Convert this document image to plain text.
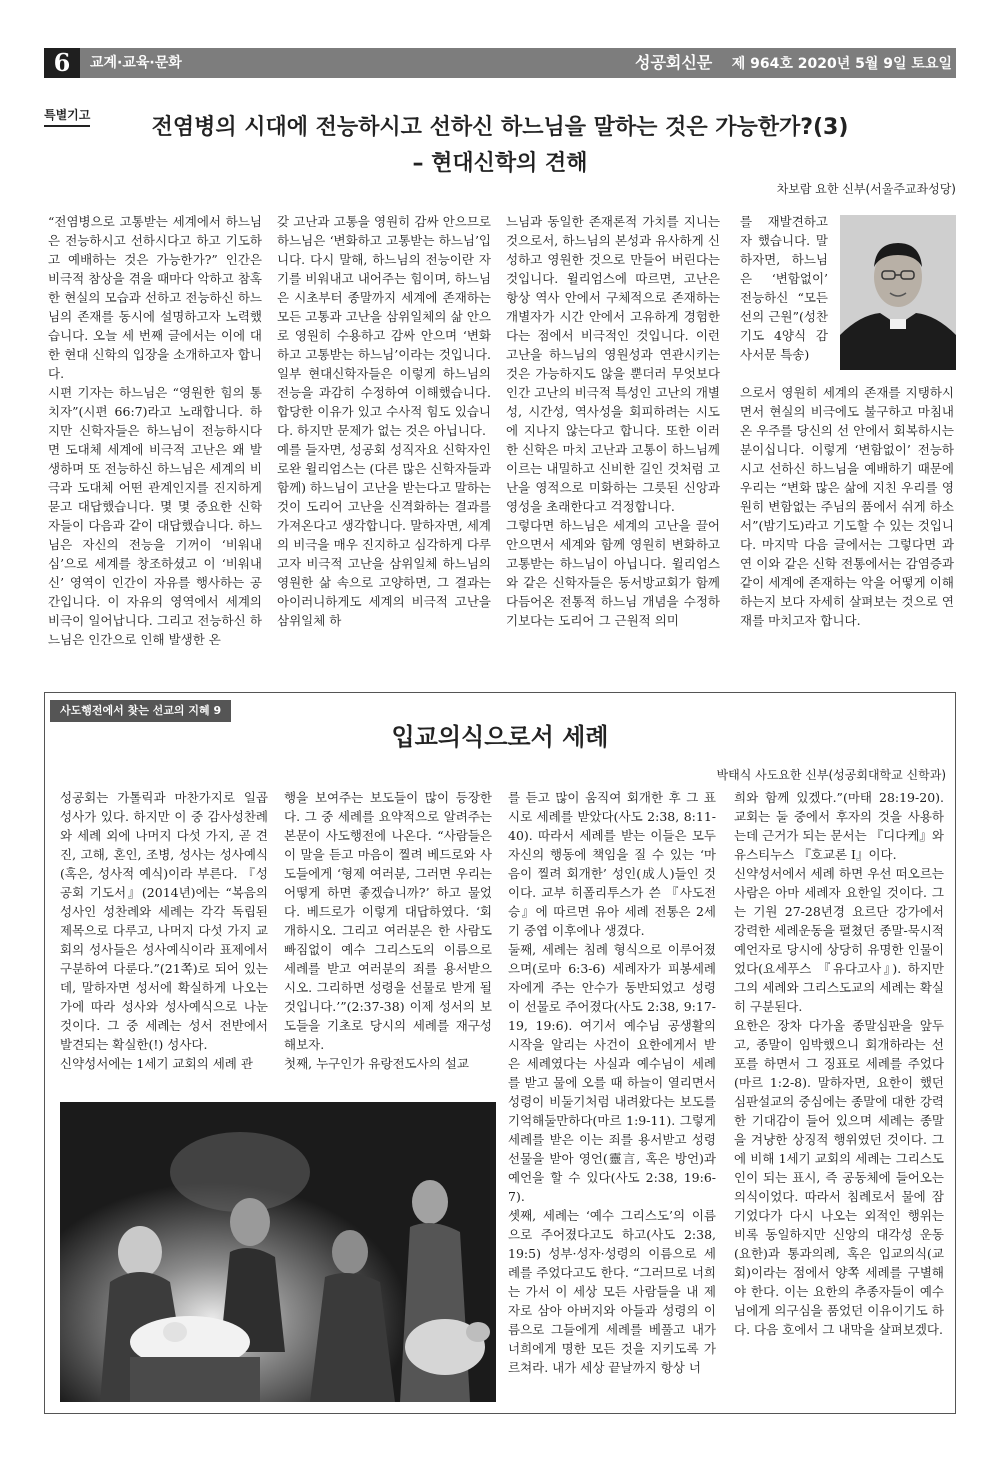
6	교계·교육·문화	성공회신문 제 964호 2020년 5월 9일 토요일
특별기고	전염병의 시대에 전능하시고 선하신 하느님을 말하는 것은 가능한가?(3)
– 현대신학의 견해
차보람 요한 신부(서울주교좌성당)
“전염병으로 고통받는 세계에서 하느님은 전능하시고 선하시다고 하고 기도하고 예배하는 것은 가능한가?” 인간은 비극적 참상을 겪을 때마다 악하고 참혹한 현실의 모습과 선하고 전능하신 하느님의 존재를 동시에 설명하고자 노력했습니다. 오늘 세 번째 글에서는 이에 대한 현대 신학의 입장을 소개하고자 합니다.
시편 기자는 하느님은 “영원한 힘의 통치자”(시편 66:7)라고 노래합니다. 하지만 신학자들은 하느님이 전능하시다면 도대체 세계에 비극적 고난은 왜 발생하며 또 전능하신 하느님은 세계의 비극과 도대체 어떤 관계인지를 진지하게 묻고 대답했습니다. 몇 몇 중요한 신학자들이 다음과 같이 대답했습니다. 하느님은 자신의 전능을 기꺼이 ‘비워내심’으로 세계를 창조하셨고 이 ‘비워내신’ 영역이 인간이 자유를 행사하는 공간입니다. 이 자유의 영역에서 세계의 비극이 일어납니다. 그리고 전능하신 하느님은 인간으로 인해 발생한 온
갖 고난과 고통을 영원히 감싸 안으므로 하느님은 ‘변화하고 고통받는 하느님’입니다. 다시 말해, 하느님의 전능이란 자기를 비워내고 내어주는 힘이며, 하느님은 시초부터 종말까지 세계에 존재하는 모든 고통과 고난을 삼위일체의 삶 안으로 영원히 수용하고 감싸 안으며 ‘변화하고 고통받는 하느님’이라는 것입니다. 일부 현대신학자들은 이렇게 하느님의 전능을 과감히 수정하여 이해했습니다. 합당한 이유가 있고 수사적 힘도 있습니다. 하지만 문제가 없는 것은 아닙니다.
예를 들자면, 성공회 성직자요 신학자인 로완 윌리엄스는 (다른 많은 신학자들과 함께) 하느님이 고난을 받는다고 말하는 것이 도리어 고난을 신격화하는 결과를 가져온다고 생각합니다. 말하자면, 세계의 비극을 매우 진지하고 심각하게 다루고자 비극적 고난을 삼위일체 하느님의 영원한 삶 속으로 고양하면, 그 결과는 아이러니하게도 세계의 비극적 고난을 삼위일체 하
느님과 동일한 존재론적 가치를 지니는 것으로서, 하느님의 본성과 유사하게 신성하고 영원한 것으로 만들어 버린다는 것입니다. 윌리엄스에 따르면, 고난은 항상 역사 안에서 구체적으로 존재하는 개별자가 시간 안에서 고유하게 경험한다는 점에서 비극적인 것입니다. 이런 고난을 하느님의 영원성과 연관시키는 것은 가능하지도 않을 뿐더러 무엇보다 인간 고난의 비극적 특성인 고난의 개별성, 시간성, 역사성을 회피하려는 시도에 지나지 않는다고 합니다. 또한 이러한 신학은 마치 고난과 고통이 하느님께 이르는 내밀하고 신비한 길인 것처럼 고난을 영적으로 미화하는 그릇된 신앙과 영성을 초래한다고 걱정합니다.
그렇다면 하느님은 세계의 고난을 끌어안으면서 세계와 함께 영원히 변화하고 고통받는 하느님이 아닙니다. 윌리엄스와 같은 신학자들은 동서방교회가 함께 다듬어온 전통적 하느님 개념을 수정하기보다는 도리어 그 근원적 의미
를 재발견하고자 했습니다. 말하자면, 하느님은 ‘변함없이’ 전능하신 “모든 선의 근원”(성찬기도 4양식 감사서문 특송)
으로서 영원히 세계의 존재를 지탱하시면서 현실의 비극에도 불구하고 마침내 온 우주를 당신의 선 안에서 회복하시는 분이십니다. 이렇게 ‘변함없이’ 전능하시고 선하신 하느님을 예배하기 때문에 우리는 “변화 많은 삶에 지친 우리를 영원히 변함없는 주님의 품에서 쉬게 하소서”(밤기도)라고 기도할 수 있는 것입니다. 마지막 다음 글에서는 그렇다면 과연 이와 같은 신학 전통에서는 감염증과 같이 세계에 존재하는 악을 어떻게 이해하는지 보다 자세히 살펴보는 것으로 연재를 마치고자 합니다.
사도행전에서 찾는 선교의 지혜 9
입교의식으로서 세례
박태식 사도요한 신부(성공회대학교 신학과)
성공회는 가톨릭과 마찬가지로 일곱 성사가 있다. 하지만 이 중 감사성찬례와 세례 외에 나머지 다섯 가지, 곧 견진, 고해, 혼인, 조병, 성사는 성사예식(혹은, 성사적 예식)이라 부른다. 『성공회 기도서』(2014년)에는 “복음의 성사인 성찬례와 세례는 각각 독립된 제목으로 다루고, 나머지 다섯 가지 교회의 성사들은 성사예식이라 표제에서 구분하여 다룬다.”(21쪽)로 되어 있는데, 말하자면 성서에 확실하게 나오는가에 따라 성사와 성사예식으로 나눈 것이다. 그 중 세례는 성서 전반에서 발견되는 확실한(!) 성사다.
신약성서에는 1세기 교회의 세례 관
행을 보여주는 보도들이 많이 등장한다. 그 중 세례를 요약적으로 알려주는 본문이 사도행전에 나온다. “사람들은 이 말을 듣고 마음이 찔려 베드로와 사도들에게 ‘형제 여러분, 그러면 우리는 어떻게 하면 좋겠습니까?’ 하고 물었다. 베드로가 이렇게 대답하였다. ‘회개하시오. 그리고 여러분은 한 사람도 빠짐없이 예수 그리스도의 이름으로 세례를 받고 여러분의 죄를 용서받으시오. 그리하면 성령을 선물로 받게 될 것입니다.’”(2:37-38) 이제 성서의 보도들을 기초로 당시의 세례를 재구성해보자.
첫째, 누구인가 유랑전도사의 설교
를 듣고 많이 움직여 회개한 후 그 표시로 세례를 받았다(사도 2:38, 8:11-40). 따라서 세례를 받는 이들은 모두 자신의 행동에 책임을 질 수 있는 ‘마음이 찔려 회개한’ 성인(成人)들인 것이다. 교부 히폴리투스가 쓴 『사도전승』에 따르면 유아 세례 전통은 2세기 중엽 이후에나 생겼다.
둘째, 세례는 침례 형식으로 이루어졌으며(로마 6:3-6) 세례자가 피봉세례자에게 주는 안수가 동반되었고 성령이 선물로 주어졌다(사도 2:38, 9:17-19, 19:6). 여기서 예수님 공생활의 시작을 알리는 사건이 요한에게서 받은 세례였다는 사실과 예수님이 세례를 받고 물에 오를 때 하늘이 열리면서 성령이 비둘기처럼 내려왔다는 보도를 기억해둘만하다(마르 1:9-11). 그렇게 세례를 받은 이는 죄를 용서받고 성령 선물을 받아 영언(靈言, 혹은 방언)과 예언을 할 수 있다(사도 2:38, 19:6-7).
셋째, 세례는 ‘예수 그리스도’의 이름으로 주어졌다고도 하고(사도 2:38, 19:5) 성부·성자·성령의 이름으로 세례를 주었다고도 한다. “그러므로 너희는 가서 이 세상 모든 사람들을 내 제자로 삼아 아버지와 아들과 성령의 이름으로 그들에게 세례를 베풀고 내가 너희에게 명한 모든 것을 지키도록 가르쳐라. 내가 세상 끝날까지 항상 너
희와 함께 있겠다.”(마태 28:19-20). 교회는 둘 중에서 후자의 것을 사용하는데 근거가 되는 문서는 『디다케』와 유스티누스 『호교론 I』이다.
신약성서에서 세례 하면 우선 떠오르는 사람은 아마 세례자 요한일 것이다. 그는 기원 27-28년경 요르단 강가에서 강력한 세례운동을 펼쳤던 종말-묵시적 예언자로 당시에 상당히 유명한 인물이었다(요세푸스 『유다고사』). 하지만 그의 세례와 그리스도교의 세례는 확실히 구분된다.
요한은 장차 다가올 종말심판을 앞두고, 종말이 임박했으니 회개하라는 선포를 하면서 그 징표로 세례를 주었다(마르 1:2-8). 말하자면, 요한이 했던 심판설교의 중심에는 종말에 대한 강력한 기대감이 들어 있으며 세례는 종말을 겨냥한 상징적 행위였던 것이다. 그에 비해 1세기 교회의 세례는 그리스도인이 되는 표시, 즉 공동체에 들어오는 의식이었다. 따라서 침례로서 물에 잠기었다가 다시 나오는 외적인 행위는 비록 동일하지만 신앙의 대각성 운동(요한)과 통과의례, 혹은 입교의식(교회)이라는 점에서 양쪽 세례를 구별해야 한다. 이는 요한의 추종자들이 예수님에게 의구심을 품었던 이유이기도 하다. 다음 호에서 그 내막을 살펴보겠다.
